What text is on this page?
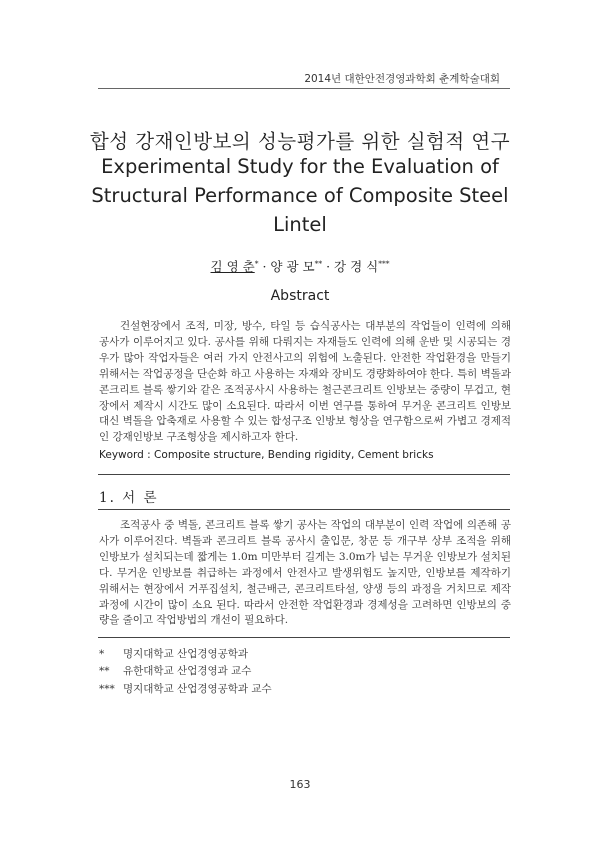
2014년 대한안전경영과학회 춘계학술대회
합성 강재인방보의 성능평가를 위한 실험적 연구
Experimental Study for the Evaluation of Structural Performance of Composite Steel Lintel
김 영 춘* · 양 광 모** · 강 경 식***
Abstract

건설현장에서 조적, 미장, 방수, 타일 등 습식공사는 대부분의 작업들이 인력에 의해 공사가 이루어지고 있다. 공사를 위해 다뤄지는 자재들도 인력에 의해 운반 및 시공되는 경우가 많아 작업자들은 여러 가지 안전사고의 위험에 노출된다. 안전한 작업환경을 만들기 위해서는 작업공정을 단순화 하고 사용하는 자재와 장비도 경량화하여야 한다. 특히 벽돌과 콘크리트 블록 쌓기와 같은 조적공사시 사용하는 철근콘크리트 인방보는 중량이 무겁고, 현장에서 제작시 시간도 많이 소요된다. 따라서 이번 연구를 통하여 무거운 콘크리트 인방보 대신 벽돌을 압축재로 사용할 수 있는 합성구조 인방보 형상을 연구함으로써 가볍고 경제적인 강재인방보 구조형상을 제시하고자 한다.

Keyword : Composite structure, Bending rigidity, Cement bricks
1. 서 론

조적공사 중 벽돌, 콘크리트 블록 쌓기 공사는 작업의 대부분이 인력 작업에 의존해 공사가 이루어진다. 벽돌과 콘크리트 블록 공사시 출입문, 창문 등 개구부 상부 조적을 위해 인방보가 설치되는데 짧게는 1.0m 미만부터 길게는 3.0m가 넘는 무거운 인방보가 설치된다. 무거운 인방보를 취급하는 과정에서 안전사고 발생위험도 높지만, 인방보를 제작하기 위해서는 현장에서 거푸집설치, 철근배근, 콘크리트타설, 양생 등의 과정을 거치므로 제작과정에 시간이 많이 소요 된다. 따라서 안전한 작업환경과 경제성을 고려하면 인방보의 중량을 줄이고 작업방법의 개선이 필요하다.

* 명지대학교 산업경영공학과
** 유한대학교 산업경영과 교수
*** 명지대학교 산업경영공학과 교수
163
